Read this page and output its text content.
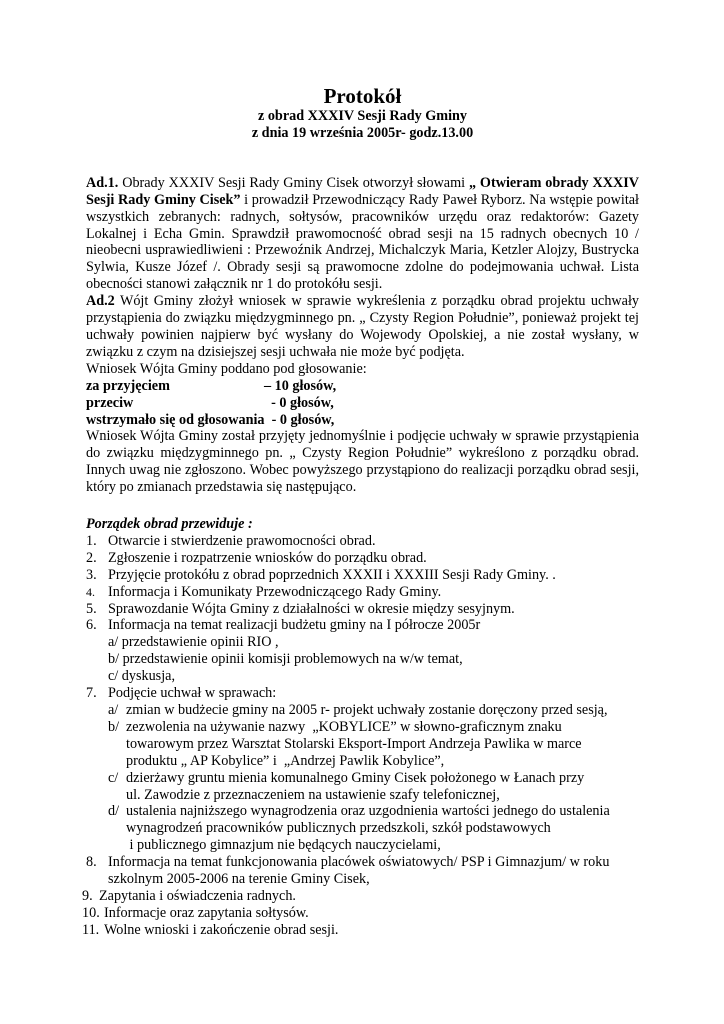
Protokół

z obrad XXXIV Sesji Rady Gminy

z dnia 19 września 2005r- godz.13.00

Ad.1. Obrady XXXIV Sesji Rady Gminy Cisek otworzył słowami „ Otwieram obrady XXXIV Sesji Rady Gminy Cisek” i prowadził Przewodniczący Rady Paweł Ryborz. Na wstępie powitał wszystkich zebranych: radnych, sołtysów, pracowników urzędu oraz redaktorów: Gazety Lokalnej i Echa Gmin. Sprawdził prawomocność obrad sesji na 15 radnych obecnych 10 / nieobecni usprawiedliwieni : Przewoźnik Andrzej, Michalczyk Maria, Ketzler Alojzy, Bustrycka Sylwia, Kusze Józef /. Obrady sesji są prawomocne zdolne do podejmowania uchwał. Lista obecności stanowi załącznik nr 1 do protokółu sesji.

Ad.2 Wójt Gminy złożył wniosek w sprawie wykreślenia z porządku obrad projektu uchwały przystąpienia do związku międzygminnego pn. „ Czysty Region Południe”, ponieważ projekt tej uchwały powinien najpierw być wysłany do Wojewody Opolskiej, a nie został wysłany, w związku z czym na dzisiejszej sesji uchwała nie może być podjęta.

Wniosek Wójta Gminy poddano pod głosowanie:

za przyjęciem	– 10 głosów,
przeciw	- 0 głosów,
wstrzymało się od głosowania - 0 głosów,

Wniosek Wójta Gminy został przyjęty jednomyślnie i podjęcie uchwały w sprawie przystąpienia do związku międzygminnego pn. „ Czysty Region Południe” wykreślono z porządku obrad. Innych uwag nie zgłoszono. Wobec powyższego przystąpiono do realizacji porządku obrad sesji, który po zmianach przedstawia się następująco.

Porządek obrad przewiduje :

1. Otwarcie i stwierdzenie prawomocności obrad.
2. Zgłoszenie i rozpatrzenie wniosków do porządku obrad.
3. Przyjęcie protokółu z obrad poprzednich XXXII i XXXIII Sesji Rady Gminy. .
4. Informacja i Komunikaty Przewodniczącego Rady Gminy.
5. Sprawozdanie Wójta Gminy z działalności w okresie między sesyjnym.
6. Informacja na temat realizacji budżetu gminy na I półrocze 2005r

a/ przedstawienie opinii RIO ,

b/ przedstawienie opinii komisji problemowych na w/w temat,

c/ dyskusja,

7. Podjęcie uchwał w sprawach:
a/ zmian w budżecie gminy na 2005 r- projekt uchwały zostanie doręczony przed sesją,
b/ zezwolenia na używanie nazwy  „KOBYLICE” w słowno-graficznym znaku
towarowym przez Warsztat Stolarski Eksport-Import Andrzeja Pawlika w marce
produktu „ AP Kobylice” i  „Andrzej Pawlik Kobylice”,
c/ dzierżawy gruntu mienia komunalnego Gminy Cisek położonego w Łanach przy
ul. Zawodzie z przeznaczeniem na ustawienie szafy telefonicznej,
d/ ustalenia najniższego wynagrodzenia oraz uzgodnienia wartości jednego do ustalenia
wynagrodzeń pracowników publicznych przedszkoli, szkół podstawowych
i publicznego gimnazjum nie będących nauczycielami,
8. Informacja na temat funkcjonowania placówek oświatowych/ PSP i Gimnazjum/ w roku
szkolnym 2005-2006 na terenie Gminy Cisek,
9. Zapytania i oświadczenia radnych.
10. Informacje oraz zapytania sołtysów.
11. Wolne wnioski i zakończenie obrad sesji.
